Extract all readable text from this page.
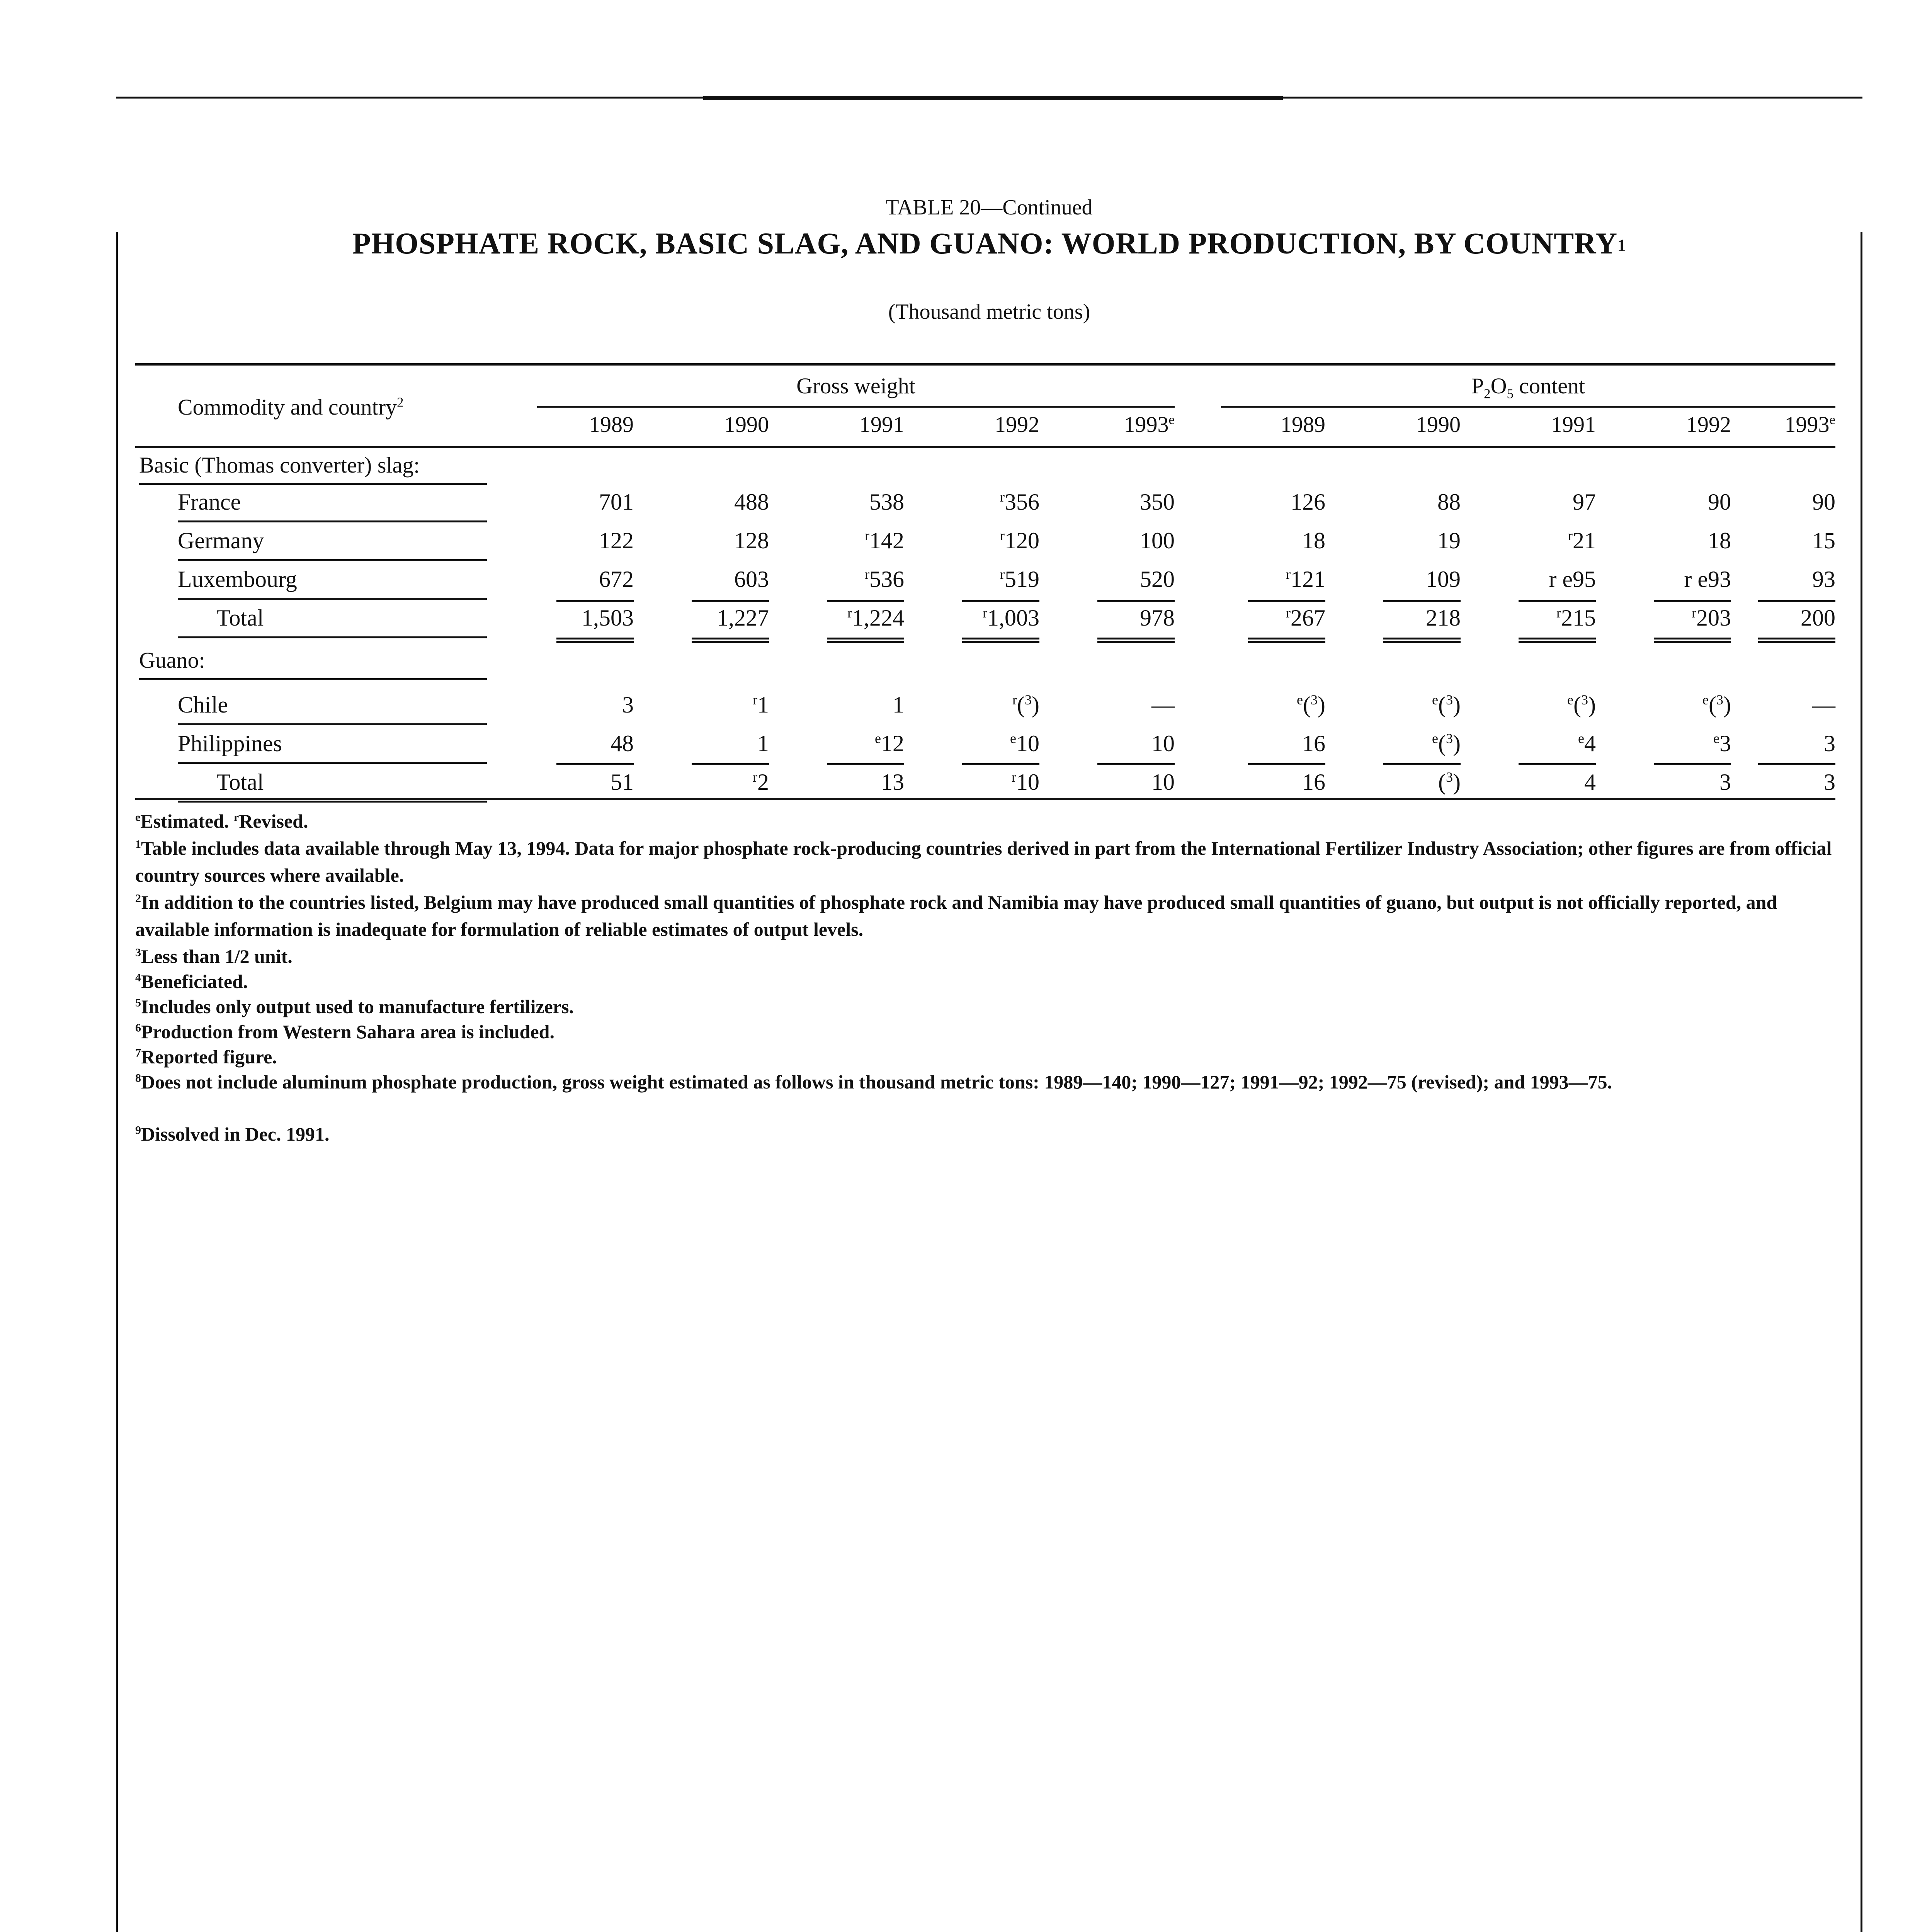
TABLE 20—Continued
PHOSPHATE ROCK, BASIC SLAG, AND GUANO: WORLD PRODUCTION, BY COUNTRY$^1$
(Thousand metric tons)
Commodity and country$^2$
Gross weight	$P_2O_5$ content
1989	1990	1991	1992	1993e	1989	1990	1991	1992	1993e
Basic (Thomas converter) slag:
France	701	488	538	$^r$356	350	126	88	97	90	90
Germany	122	128	$^r$142	$^r$120	100	18	19	$^r$21	18	15
Luxembourg	672	603	$^r$536	$^r$519	520	$^r$121	109	r e95	r e93	93
Total	1,503	1,227	$^r$1,224	$^r$1,003	978	$^r$267	218	$^r$215	$^r$203	200
Guano:
Chile	3	$^r$1	1	$^r$($^3$)	—	$^e$($^3$)	$^e$($^3$)	$^e$($^3$)	$^e$($^3$)	—
Philippines	48	1	$^e$12	$^e$10	10	16	$^e$($^3$)	$^e$4	$^e$3	3
Total	51	$^r$2	13	$^r$10	10	16	($^3$)	4	3	3
$^e$Estimated. $^r$Revised.
$^1$Table includes data available through May 13, 1994. Data for major phosphate rock-producing countries derived in part from the International Fertilizer Industry Association; other figures are from official country sources where available.
$^2$In addition to the countries listed, Belgium may have produced small quantities of phosphate rock and Namibia may have produced small quantities of guano, but output is not officially reported, and available information is inadequate for formulation of reliable estimates of output levels.
$^3$Less than 1/2 unit.
$^4$Beneficiated.
$^5$Includes only output used to manufacture fertilizers.
$^6$Production from Western Sahara area is included.
$^7$Reported figure.
$^8$Does not include aluminum phosphate production, gross weight estimated as follows in thousand metric tons: 1989—140; 1990—127; 1991—92; 1992—75 (revised); and 1993—75.
$^9$Dissolved in Dec. 1991.
